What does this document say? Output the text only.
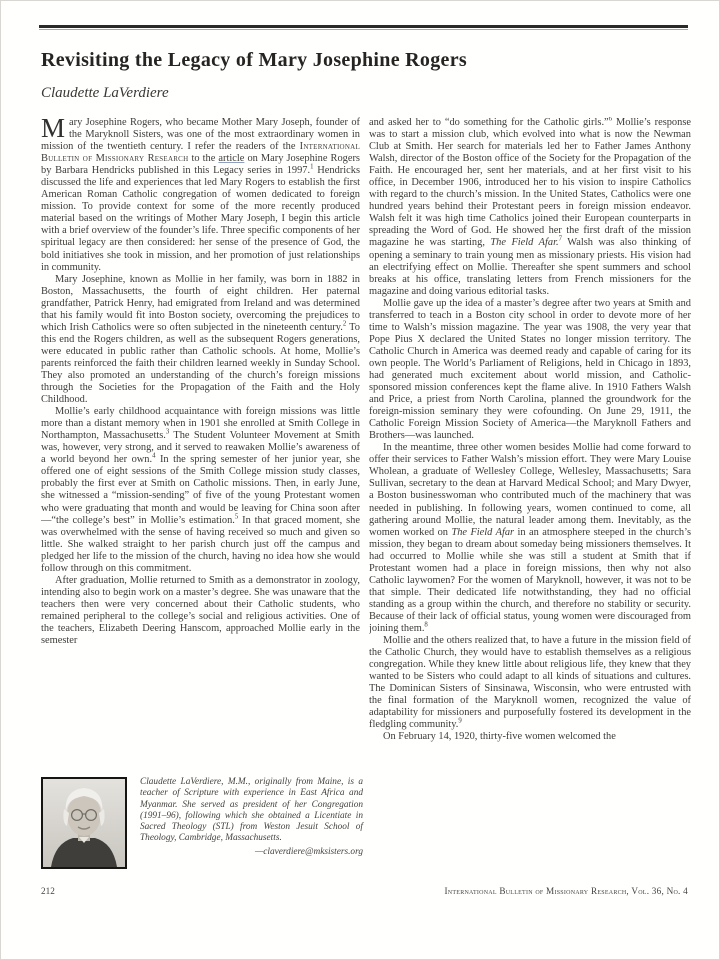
Revisiting the Legacy of Mary Josephine Rogers
Claudette LaVerdiere

Mary Josephine Rogers, who became Mother Mary Joseph, founder of the Maryknoll Sisters, was one of the most extraordinary women in mission of the twentieth century. I refer the readers of the International Bulletin of Missionary Research to the article on Mary Josephine Rogers by Barbara Hendricks published in this Legacy series in 1997.$^1$ Hendricks discussed the life and experiences that led Mary Rogers to establish the first American Roman Catholic congregation of women dedicated to foreign mission. To provide context for some of the more recently produced material based on the writings of Mother Mary Joseph, I begin this article with a brief overview of the founder’s life. Three specific components of her spiritual legacy are then considered: her sense of the presence of God, the bold initiatives she took in mission, and her promotion of just relationships in community.

Mary Josephine, known as Mollie in her family, was born in 1882 in Boston, Massachusetts, the fourth of eight children. Her paternal grandfather, Patrick Henry, had emigrated from Ireland and was determined that his family would fit into Boston society, overcoming the prejudices to which Irish Catholics were so often subjected in the nineteenth century.$^2$ To this end the Rogers children, as well as the subsequent Rogers generations, were educated in public rather than Catholic schools. At home, Mollie’s parents reinforced the faith their children learned weekly in Sunday School. They also promoted an understanding of the church’s foreign missions through the Societies for the Propagation of the Faith and the Holy Childhood.

Mollie’s early childhood acquaintance with foreign missions was little more than a distant memory when in 1901 she enrolled at Smith College in Northampton, Massachusetts.$^3$ The Student Volunteer Movement at Smith was, however, very strong, and it served to reawaken Mollie’s awareness of a world beyond her own.$^4$ In the spring semester of her junior year, she offered one of eight sessions of the Smith College mission study classes, probably the first ever at Smith on Catholic missions. Then, in early June, she witnessed a “mission-sending” of five of the young Protestant women who were graduating that month and would be leaving for China soon after—“the college’s best” in Mollie’s estimation.$^5$ In that graced moment, she was overwhelmed with the sense of having received so much and given so little. She walked straight to her parish church just off the campus and pledged her life to the mission of the church, having no idea how she would follow through on this commitment.

After graduation, Mollie returned to Smith as a demonstrator in zoology, intending also to begin work on a master’s degree. She was unaware that the teachers then were very concerned about their Catholic students, who remained peripheral to the college’s social and religious activities. One of the teachers, Elizabeth Deering Hanscom, approached Mollie early in the semester

and asked her to “do something for the Catholic girls.”$^6$ Mollie’s response was to start a mission club, which evolved into what is now the Newman Club at Smith. Her search for materials led her to Father James Anthony Walsh, director of the Boston office of the Society for the Propagation of the Faith. He encouraged her, sent her materials, and at her first visit to his office, in December 1906, introduced her to his vision to inspire Catholics with regard to the church’s mission. In the United States, Catholics were one hundred years behind their Protestant peers in foreign mission endeavor. Walsh felt it was high time Catholics joined their European counterparts in spreading the Word of God. He showed her the first draft of the mission magazine he was starting, The Field Afar.$^7$ Walsh was also thinking of opening a seminary to train young men as missionary priests. His vision had an electrifying effect on Mollie. Thereafter she spent summers and school breaks at his office, translating letters from French missioners for the magazine and doing various editorial tasks.

Mollie gave up the idea of a master’s degree after two years at Smith and transferred to teach in a Boston city school in order to devote more of her time to Walsh’s mission magazine. The year was 1908, the very year that Pope Pius X declared the United States no longer mission territory. The Catholic Church in America was deemed ready and capable of caring for its own people. The World’s Parliament of Religions, held in Chicago in 1893, had generated much excitement about world mission, and Catholic-sponsored mission conferences kept the flame alive. In 1910 Fathers Walsh and Price, a priest from North Carolina, planned the groundwork for the foreign-mission seminary they were cofounding. On June 29, 1911, the Catholic Foreign Mission Society of America—the Maryknoll Fathers and Brothers—was launched.

In the meantime, three other women besides Mollie had come forward to offer their services to Father Walsh’s mission effort. They were Mary Louise Wholean, a graduate of Wellesley College, Wellesley, Massachusetts; Sara Sullivan, secretary to the dean at Harvard Medical School; and Mary Dwyer, a Boston businesswoman who contributed much of the machinery that was needed in publishing. In following years, women continued to come, all gathering around Mollie, the natural leader among them. Inevitably, as the women worked on The Field Afar in an atmosphere steeped in the church’s mission, they began to dream about someday being missioners themselves. It had occurred to Mollie while she was still a student at Smith that if Protestant women had a place in foreign missions, then why not also Catholic laywomen? For the women of Maryknoll, however, it was not to be that simple. Their dedicated life notwithstanding, they had no official standing as a group within the church, and therefore no stability or security. Because of their lack of official status, young women were discouraged from joining them.$^8$

Mollie and the others realized that, to have a future in the mission field of the Catholic Church, they would have to establish themselves as a religious congregation. While they knew little about religious life, they knew that they wanted to be Sisters who could adapt to all kinds of situations and cultures. The Dominican Sisters of Sinsinawa, Wisconsin, who were entrusted with the final formation of the Maryknoll women, recognized the value of adaptability for missioners and purposefully fostered its development in the fledgling community.$^9$

On February 14, 1920, thirty-five women welcomed the

Claudette LaVerdiere, M.M., originally from Maine, is a teacher of Scripture with experience in East Africa and Myanmar. She served as president of her Congregation (1991–96), following which she obtained a Licentiate in Sacred Theology (STL) from Weston Jesuit School of Theology, Cambridge, Massachusetts.
—claverdiere@mksisters.org
212	International Bulletin of Missionary Research, Vol. 36, No. 4
